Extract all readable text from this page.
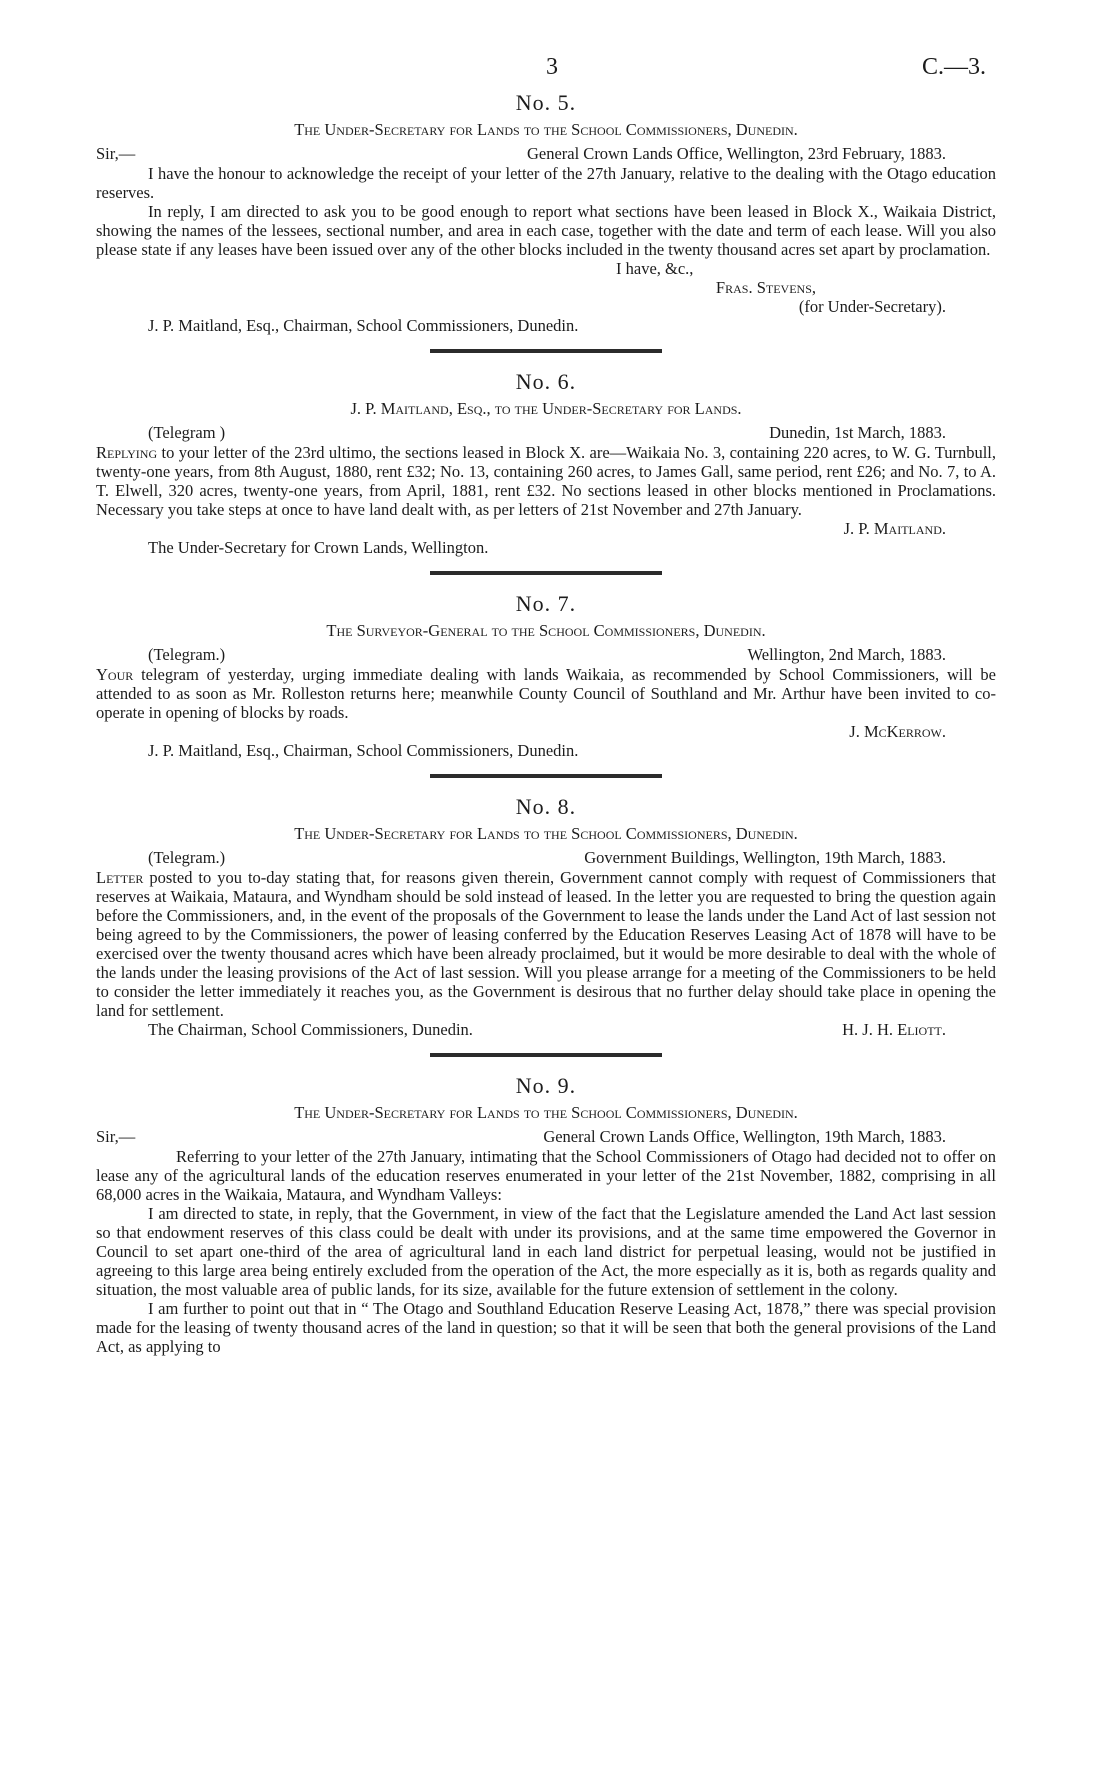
3	C.—3.
No. 5.
The Under-Secretary for Lands to the School Commissioners, Dunedin.
Sir,—	General Crown Lands Office, Wellington, 23rd February, 1883.

I have the honour to acknowledge the receipt of your letter of the 27th January, relative to the dealing with the Otago education reserves.

In reply, I am directed to ask you to be good enough to report what sections have been leased in Block X., Waikaia District, showing the names of the lessees, sectional number, and area in each case, together with the date and term of each lease. Will you also please state if any leases have been issued over any of the other blocks included in the twenty thousand acres set apart by proclamation.

I have, &c.,
Fras. Stevens,
(for Under-Secretary).
J. P. Maitland, Esq., Chairman, School Commissioners, Dunedin.
No. 6.
J. P. Maitland, Esq., to the Under-Secretary for Lands.
(Telegram )	Dunedin, 1st March, 1883.

Replying to your letter of the 23rd ultimo, the sections leased in Block X. are—Waikaia No. 3, containing 220 acres, to W. G. Turnbull, twenty-one years, from 8th August, 1880, rent £32; No. 13, containing 260 acres, to James Gall, same period, rent £26; and No. 7, to A. T. Elwell, 320 acres, twenty-one years, from April, 1881, rent £32. No sections leased in other blocks mentioned in Proclamations. Necessary you take steps at once to have land dealt with, as per letters of 21st November and 27th January.

J. P. Maitland.
The Under-Secretary for Crown Lands, Wellington.
No. 7.
The Surveyor-General to the School Commissioners, Dunedin.
(Telegram.)	Wellington, 2nd March, 1883.

Your telegram of yesterday, urging immediate dealing with lands Waikaia, as recommended by School Commissioners, will be attended to as soon as Mr. Rolleston returns here; meanwhile County Council of Southland and Mr. Arthur have been invited to co-operate in opening of blocks by roads.

J. McKerrow.
J. P. Maitland, Esq., Chairman, School Commissioners, Dunedin.
No. 8.
The Under-Secretary for Lands to the School Commissioners, Dunedin.
(Telegram.)	Government Buildings, Wellington, 19th March, 1883.

Letter posted to you to-day stating that, for reasons given therein, Government cannot comply with request of Commissioners that reserves at Waikaia, Mataura, and Wyndham should be sold instead of leased. In the letter you are requested to bring the question again before the Commissioners, and, in the event of the proposals of the Government to lease the lands under the Land Act of last session not being agreed to by the Commissioners, the power of leasing conferred by the Education Reserves Leasing Act of 1878 will have to be exercised over the twenty thousand acres which have been already proclaimed, but it would be more desirable to deal with the whole of the lands under the leasing provisions of the Act of last session. Will you please arrange for a meeting of the Commissioners to be held to consider the letter immediately it reaches you, as the Government is desirous that no further delay should take place in opening the land for settlement.

The Chairman, School Commissioners, Dunedin.	H. J. H. Eliott.
No. 9.
The Under-Secretary for Lands to the School Commissioners, Dunedin.
Sir,—	General Crown Lands Office, Wellington, 19th March, 1883.

Referring to your letter of the 27th January, intimating that the School Commissioners of Otago had decided not to offer on lease any of the agricultural lands of the education reserves enumerated in your letter of the 21st November, 1882, comprising in all 68,000 acres in the Waikaia, Mataura, and Wyndham Valleys:

I am directed to state, in reply, that the Government, in view of the fact that the Legislature amended the Land Act last session so that endowment reserves of this class could be dealt with under its provisions, and at the same time empowered the Governor in Council to set apart one-third of the area of agricultural land in each land district for perpetual leasing, would not be justified in agreeing to this large area being entirely excluded from the operation of the Act, the more especially as it is, both as regards quality and situation, the most valuable area of public lands, for its size, available for the future extension of settlement in the colony.

I am further to point out that in “ The Otago and Southland Education Reserve Leasing Act, 1878,” there was special provision made for the leasing of twenty thousand acres of the land in question; so that it will be seen that both the general provisions of the Land Act, as applying to
